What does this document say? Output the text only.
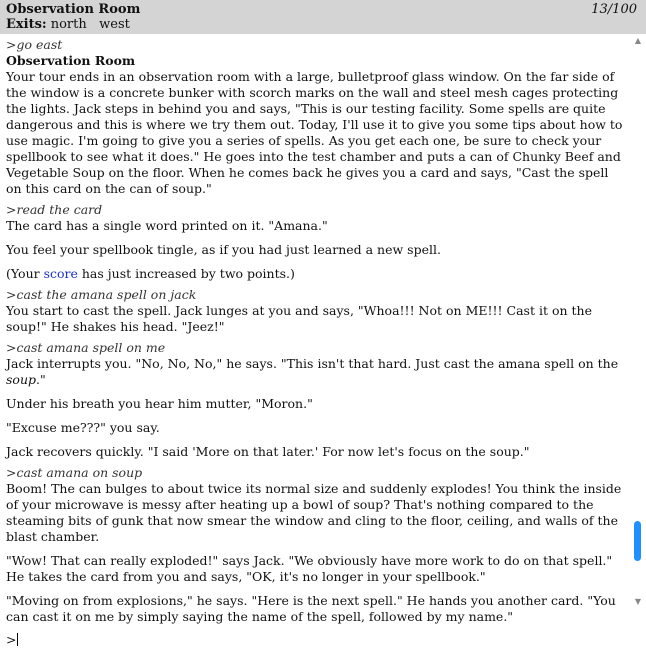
Observation Room	13/100
Exits: north   west
>go east

Observation Room

Your tour ends in an observation room with a large, bulletproof glass window. On the far side of the window is a concrete bunker with scorch marks on the wall and steel mesh cages protecting the lights. Jack steps in behind you and says, "This is our testing facility. Some spells are quite dangerous and this is where we try them out. Today, I'll use it to give you some tips about how to use magic. I'm going to give you a series of spells. As you get each one, be sure to check your spellbook to see what it does." He goes into the test chamber and puts a can of Chunky Beef and Vegetable Soup on the floor. When he comes back he gives you a card and says, "Cast the spell on this card on the can of soup."

>read the card

The card has a single word printed on it. "Amana."

You feel your spellbook tingle, as if you had just learned a new spell.

(Your score has just increased by two points.)

>cast the amana spell on jack

You start to cast the spell. Jack lunges at you and says, "Whoa!!! Not on ME!!! Cast it on the soup!" He shakes his head. "Jeez!"

>cast amana spell on me

Jack interrupts you. "No, No, No," he says. "This isn't that hard. Just cast the amana spell on the soup."

Under his breath you hear him mutter, "Moron."

"Excuse me???" you say.

Jack recovers quickly. "I said 'More on that later.' For now let's focus on the soup."

>cast amana on soup

Boom! The can bulges to about twice its normal size and suddenly explodes! You think the inside of your microwave is messy after heating up a bowl of soup? That's nothing compared to the steaming bits of gunk that now smear the window and cling to the floor, ceiling, and walls of the blast chamber.

"Wow! That can really exploded!" says Jack. "We obviously have more work to do on that spell." He takes the card from you and says, "OK, it's no longer in your spellbook."

"Moving on from explosions," he says. "Here is the next spell." He hands you another card. "You can cast it on me by simply saying the name of the spell, followed by my name."

>
▲
▼
